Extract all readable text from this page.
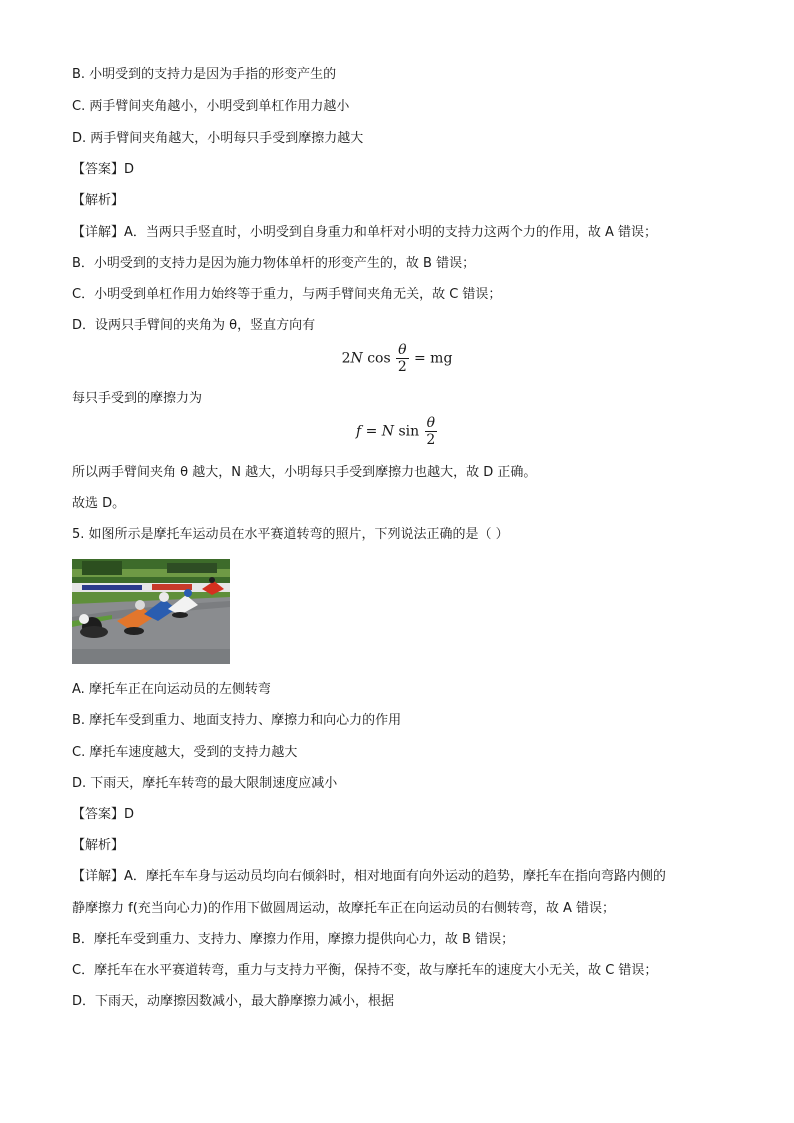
B. 小明受到的支持力是因为手指的形变产生的
C. 两手臂间夹角越小，小明受到单杠作用力越小
D. 两手臂间夹角越大，小明每只手受到摩擦力越大
【答案】D
【解析】
【详解】A．当两只手竖直时，小明受到自身重力和单杆对小明的支持力这两个力的作用，故 A 错误；
B．小明受到的支持力是因为施力物体单杆的形变产生的，故 B 错误；
C．小明受到单杠作用力始终等于重力，与两手臂间夹角无关，故 C 错误；
D．设两只手臂间的夹角为 θ，竖直方向有
2N $\cos \frac{\theta}{2}$ = mg
每只手受到的摩擦力为
f = N $\sin \frac{\theta}{2}$
所以两手臂间夹角 θ 越大，N 越大，小明每只手受到摩擦力也越大，故 D 正确。
故选 D。
5. 如图所示是摩托车运动员在水平赛道转弯的照片，下列说法正确的是（ ）
A. 摩托车正在向运动员的左侧转弯
B. 摩托车受到重力、地面支持力、摩擦力和向心力的作用
C. 摩托车速度越大，受到的支持力越大
D. 下雨天，摩托车转弯的最大限制速度应减小
【答案】D
【解析】
【详解】A．摩托车车身与运动员均向右倾斜时，相对地面有向外运动的趋势，摩托车在指向弯路内侧的
静摩擦力 f(充当向心力)的作用下做圆周运动，故摩托车正在向运动员的右侧转弯，故 A 错误；
B．摩托车受到重力、支持力、摩擦力作用，摩擦力提供向心力，故 B 错误；
C．摩托车在水平赛道转弯，重力与支持力平衡，保持不变，故与摩托车的速度大小无关，故 C 错误；
D．下雨天，动摩擦因数减小，最大静摩擦力减小，根据
